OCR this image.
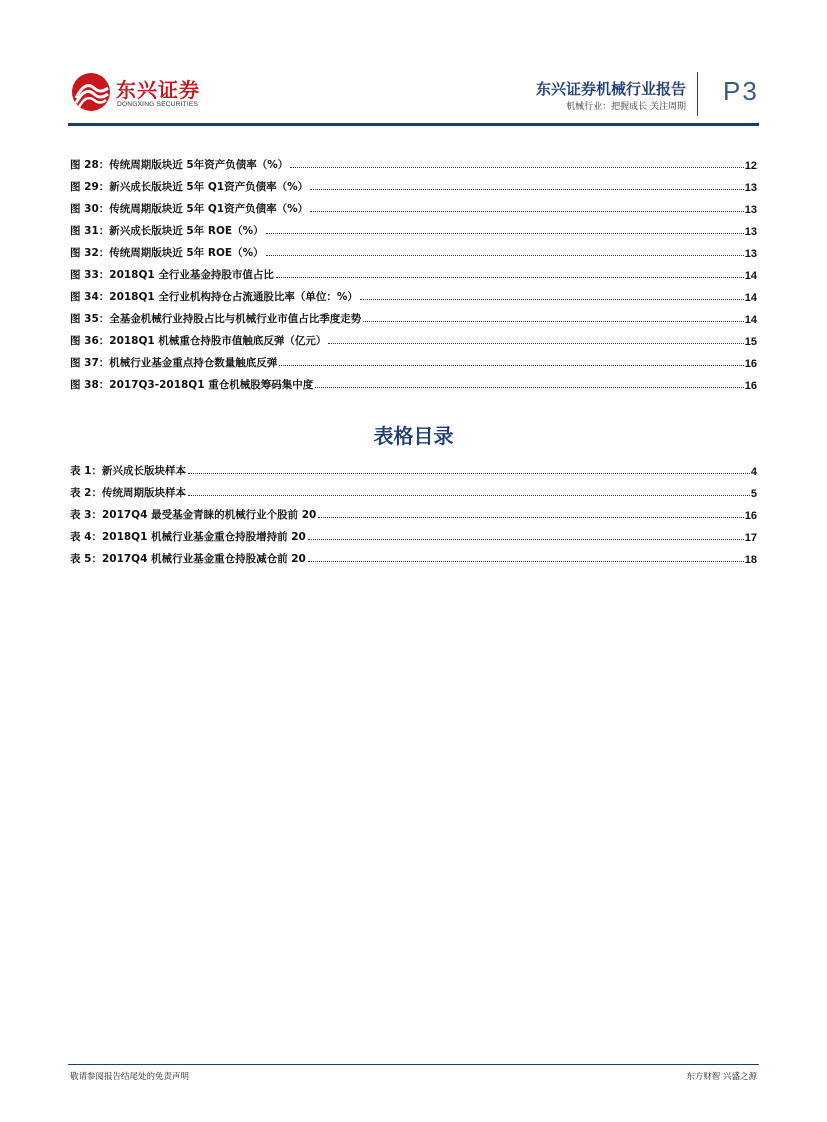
东兴证券
DONGXING SECURITIES
东兴证券机械行业报告
机械行业：把握成长 关注周期
P3
图 28：传统周期版块近 5年资产负债率（%）	12
图 29：新兴成长版块近 5年 Q1资产负债率（%）	13
图 30：传统周期版块近 5年 Q1资产负债率（%）	13
图 31：新兴成长版块近 5年 ROE（%）	13
图 32：传统周期版块近 5年 ROE（%）	13
图 33：2018Q1 全行业基金持股市值占比	14
图 34：2018Q1 全行业机构持仓占流通股比率（单位：%）	14
图 35：全基金机械行业持股占比与机械行业市值占比季度走势	14
图 36：2018Q1 机械重仓持股市值触底反弹（亿元）	15
图 37：机械行业基金重点持仓数量触底反弹	16
图 38：2017Q3-2018Q1 重仓机械股筹码集中度	16
表格目录
表 1：新兴成长版块样本	4
表 2：传统周期版块样本	5
表 3：2017Q4 最受基金青睐的机械行业个股前 20	16
表 4：2018Q1 机械行业基金重仓持股增持前 20	17
表 5：2017Q4 机械行业基金重仓持股减仓前 20	18
敬请参阅报告结尾处的免责声明	东方财智 兴盛之源
